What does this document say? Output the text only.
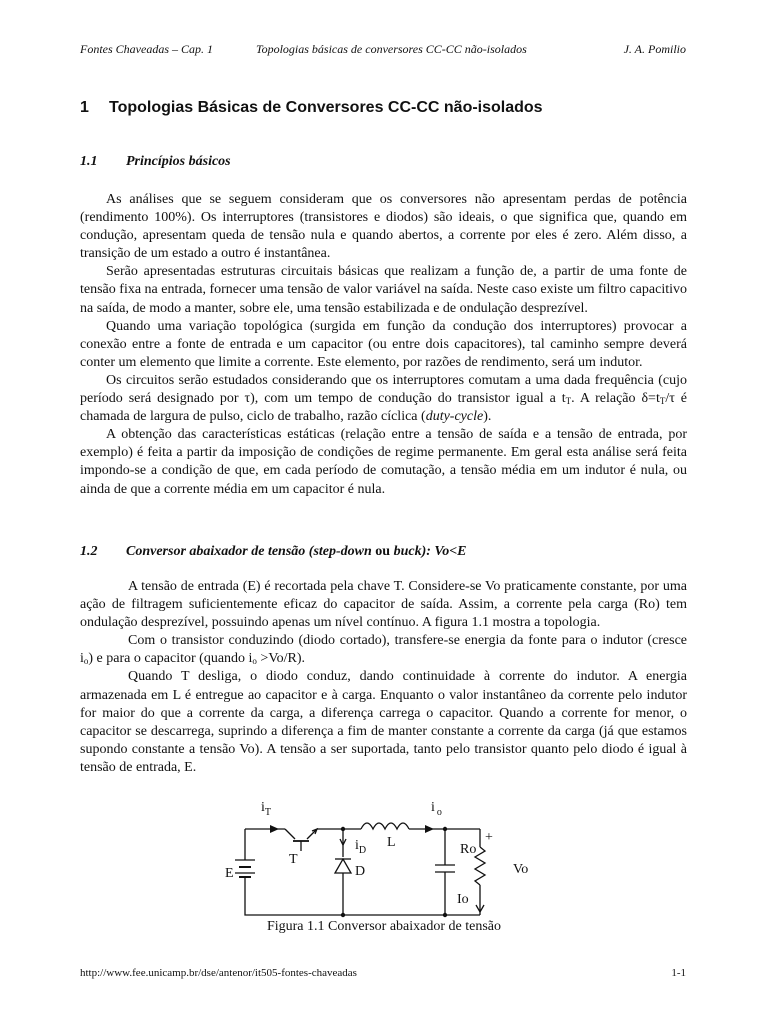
Fontes Chaveadas – Cap. 1	Topologias básicas de conversores CC-CC não-isolados	J. A. Pomilio
1 Topologias Básicas de Conversores CC-CC não-isolados
1.1 Princípios básicos

As análises que se seguem consideram que os conversores não apresentam perdas de potência (rendimento 100%). Os interruptores (transistores e diodos) são ideais, o que significa que, quando em condução, apresentam queda de tensão nula e quando abertos, a corrente por eles é zero. Além disso, a transição de um estado a outro é instantânea.

Serão apresentadas estruturas circuitais básicas que realizam a função de, a partir de uma fonte de tensão fixa na entrada, fornecer uma tensão de valor variável na saída. Neste caso existe um filtro capacitivo na saída, de modo a manter, sobre ele, uma tensão estabilizada e de ondulação desprezível.

Quando uma variação topológica (surgida em função da condução dos interruptores) provocar a conexão entre a fonte de entrada e um capacitor (ou entre dois capacitores), tal caminho sempre deverá conter um elemento que limite a corrente. Este elemento, por razões de rendimento, será um indutor.

Os circuitos serão estudados considerando que os interruptores comutam a uma dada frequência (cujo período será designado por τ), com um tempo de condução do transistor igual a $t_T$. A relação $\delta=t_T/\tau$ é chamada de largura de pulso, ciclo de trabalho, razão cíclica (duty-cycle).

A obtenção das características estáticas (relação entre a tensão de saída e a tensão de entrada, por exemplo) é feita a partir da imposição de condições de regime permanente. Em geral esta análise será feita impondo-se a condição de que, em cada período de comutação, a tensão média em um indutor é nula, ou ainda de que a corrente média em um capacitor é nula.

1.2 Conversor abaixador de tensão (step-down ou buck): Vo<E

A tensão de entrada (E) é recortada pela chave T. Considere-se Vo praticamente constante, por uma ação de filtragem suficientemente eficaz do capacitor de saída. Assim, a corrente pela carga (Ro) tem ondulação desprezível, possuindo apenas um nível contínuo. A figura 1.1 mostra a topologia.

Com o transistor conduzindo (diodo cortado), transfere-se energia da fonte para o indutor (cresce $i_o$) e para o capacitor (quando $i_o >Vo/R$).

Quando T desliga, o diodo conduz, dando continuidade à corrente do indutor. A energia armazenada em L é entregue ao capacitor e à carga. Enquanto o valor instantâneo da corrente pelo indutor for maior do que a corrente da carga, a diferença carrega o capacitor. Quando a corrente for menor, o capacitor se descarrega, suprindo a diferença a fim de manter constante a corrente da carga (já que estamos supondo constante a tensão Vo). A tensão a ser suportada, tanto pelo transistor quanto pelo diodo é igual à tensão de entrada, E.

$i_T$	i $_o$
$i_D$
T
L
E	D
Ro
Vo
Io
+
Figura 1.1 Conversor abaixador de tensão
http://www.fee.unicamp.br/dse/antenor/it505-fontes-chaveadas	1-1
